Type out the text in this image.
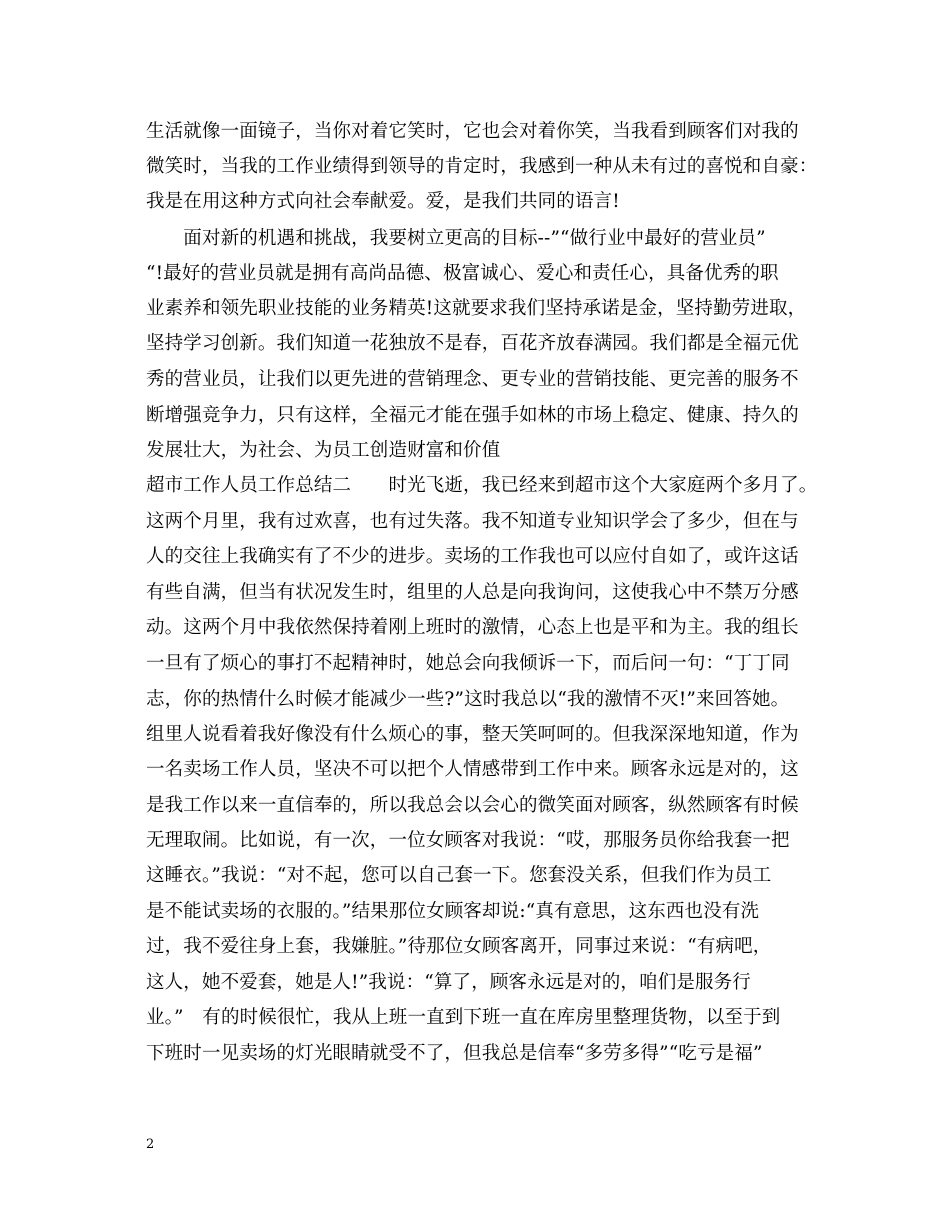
生活就像一面镜子，当你对着它笑时，它也会对着你笑，当我看到顾客们对我的
微笑时，当我的工作业绩得到领导的肯定时，我感到一种从未有过的喜悦和自豪：
我是在用这种方式向社会奉献爱。爱，是我们共同的语言!
　　面对新的机遇和挑战，我要树立更高的目标--”“做行业中最好的营业员”
“!最好的营业员就是拥有高尚品德、极富诚心、爱心和责任心，具备优秀的职
业素养和领先职业技能的业务精英!这就要求我们坚持承诺是金，坚持勤劳进取，
坚持学习创新。我们知道一花独放不是春，百花齐放春满园。我们都是全福元优
秀的营业员，让我们以更先进的营销理念、更专业的营销技能、更完善的服务不
断增强竞争力，只有这样，全福元才能在强手如林的市场上稳定、健康、持久的
发展壮大，为社会、为员工创造财富和价值
超市工作人员工作总结二　　时光飞逝，我已经来到超市这个大家庭两个多月了。
这两个月里，我有过欢喜，也有过失落。我不知道专业知识学会了多少，但在与
人的交往上我确实有了不少的进步。卖场的工作我也可以应付自如了，或许这话
有些自满，但当有状况发生时，组里的人总是向我询问，这使我心中不禁万分感
动。这两个月中我依然保持着刚上班时的激情，心态上也是平和为主。我的组长
一旦有了烦心的事打不起精神时，她总会向我倾诉一下，而后问一句：“丁丁同
志，你的热情什么时候才能减少一些?”这时我总以“我的激情不灭!”来回答她。
组里人说看着我好像没有什么烦心的事，整天笑呵呵的。但我深深地知道，作为
一名卖场工作人员，坚决不可以把个人情感带到工作中来。顾客永远是对的，这
是我工作以来一直信奉的，所以我总会以会心的微笑面对顾客，纵然顾客有时候
无理取闹。比如说，有一次，一位女顾客对我说：“哎，那服务员你给我套一把
这睡衣。”我说：“对不起，您可以自己套一下。您套没关系，但我们作为员工
是不能试卖场的衣服的。”结果那位女顾客却说:“真有意思，这东西也没有洗
过，我不爱往身上套，我嫌脏。”待那位女顾客离开，同事过来说：“有病吧，
这人，她不爱套，她是人!”我说：“算了，顾客永远是对的，咱们是服务行
业。”　有的时候很忙，我从上班一直到下班一直在库房里整理货物，以至于到
下班时一见卖场的灯光眼睛就受不了，但我总是信奉“多劳多得”“吃亏是福”
2
